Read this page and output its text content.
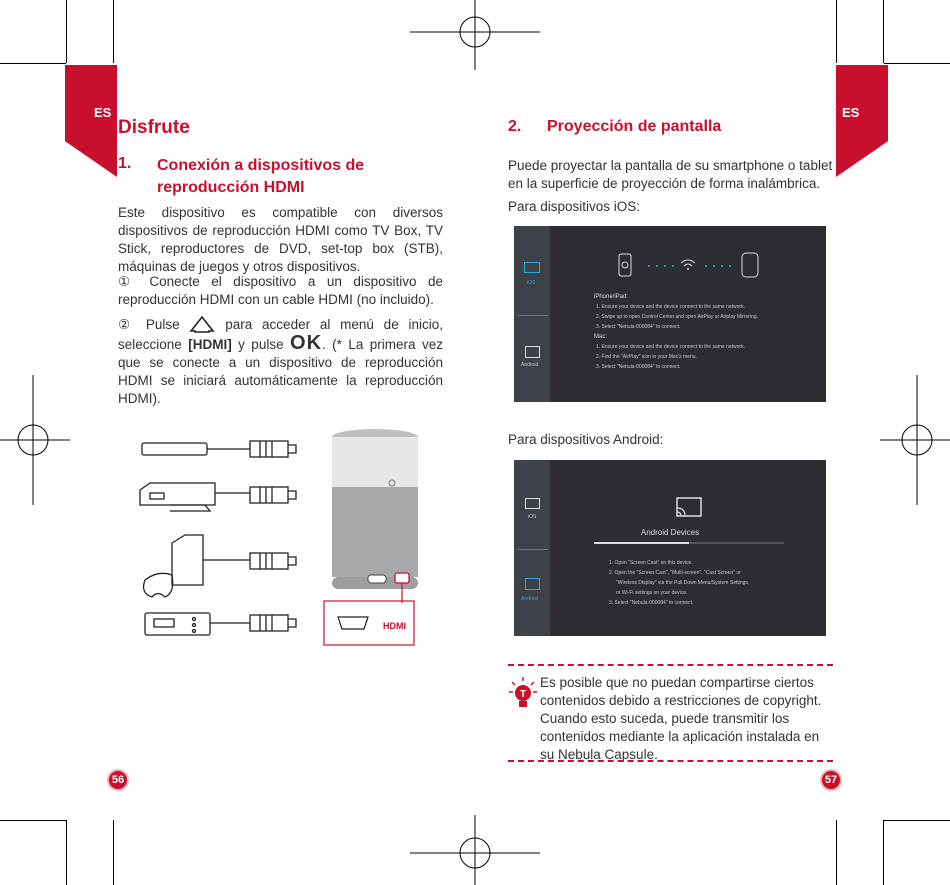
ES
Disfrute
1. Conexión a dispositivos de
reproducción HDMI
Este dispositivo es compatible con diversos dispositivos de reproducción HDMI como TV Box, TV Stick, reproductores de DVD, set-top box (STB), máquinas de juegos y otros dispositivos.
① Conecte el dispositivo a un dispositivo de reproducción HDMI con un cable HDMI (no incluido).
② Pulse	para acceder al menú de inicio, seleccione [HDMI] y pulse OK. (* La primera vez que se conecte a un dispositivo de reproducción HDMI se iniciará automáticamente la reproducción HDMI).
HDMI
56
ES
2. Proyección de pantalla
Puede proyectar la pantalla de su smartphone o tablet en la superficie de proyección de forma inalámbrica.
Para dispositivos iOS:
iOS
Android
iPhone/iPad:
1. Ensure your device and the device connect to the same network.
2. Swipe up to open Control Center and open AirPlay or Airplay Mirroring.
3. Select "Nebula-000084" to connect.
Mac:
1. Ensure your device and the device connect to the same network.
2. Find the "AirPlay" icon in your Mac's menu.
3. Select "Nebula-000084" to connect.
Para dispositivos Android:
iOS
Android
Android Devices
1. Open "Screen Cast" on this device.
2. Open the "Screen Cast", "Multi-screen", "Cast Screen" or
"Wireless Display" via the Pull Down Menu/System Settings,
or Wi-Fi settings on your device.
3. Select "Nebula-000084" to connect.
T
Es posible que no puedan compartirse ciertos contenidos debido a restricciones de copyright. Cuando esto suceda, puede transmitir los contenidos mediante la aplicación instalada en su Nebula Capsule.
57
